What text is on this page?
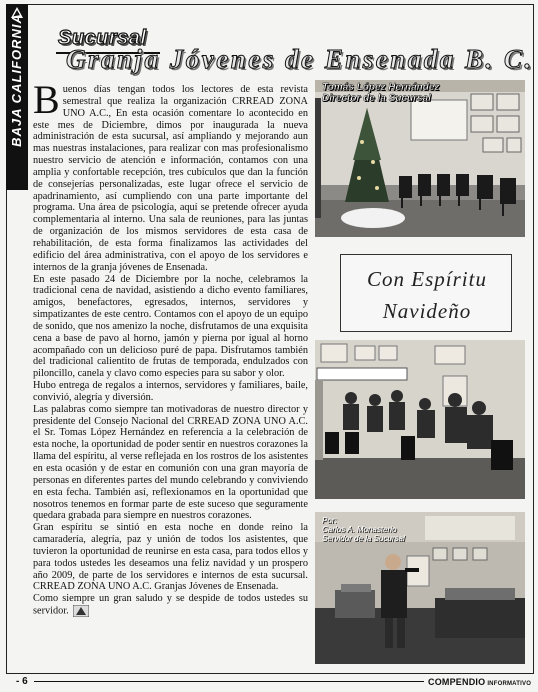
BAJA CALIFORNIA Sucursal
Granja Jóvenes de Ensenada B. C.

Buenos días tengan todos los lectores de esta revista semestral que realiza la organización CRREAD ZONA UNO A.C., En esta ocasión comentare lo acontecido en este mes de Diciembre, dimos por inaugurada la nueva administración de esta sucursal, así ampliando y mejorando aun mas nuestras instalaciones, para realizar con mas profesionalismo nuestro servicio de atención e información, contamos con una amplia y confortable recepción, tres cubículos que dan la función de consejerías personalizadas, este lugar ofrece el servicio de apadrinamiento, así cumpliendo con una parte importante del programa. Una área de psicología, aquí se pretende ofrecer ayuda complementaria al interno. Una sala de reuniones, para las juntas de organización de los mismos servidores de esta casa de rehabilitación, de esta forma finalizamos las actividades del edificio del área administrativa, con el apoyo de los servidores e internos de la granja jóvenes de Ensenada.

En este pasado 24 de Diciembre por la noche, celebramos la tradicional cena de navidad, asistiendo a dicho evento familiares, amigos, benefactores, egresados, internos, servidores y simpatizantes de este centro. Contamos con el apoyo de un equipo de sonido, que nos amenizo la noche, disfrutamos de una exquisita cena a base de pavo al horno, jamón y pierna por igual al horno acompañado con un delicioso puré de papa. Disfrutamos también del tradicional calientito de frutas de temporada, endulzados con piloncillo, canela y clavo como especies para su sabor y olor.

Hubo entrega de regalos a internos, servidores y familiares, baile, convivió, alegría y diversión.

Las palabras como siempre tan motivadoras de nuestro director y presidente del Consejo Nacional del CRREAD ZONA UNO A.C. el Sr. Tomas López Hernández en referencia a la celebración de esta noche, la oportunidad de poder sentir en nuestros corazones la llama del espíritu, al verse reflejada en los rostros de los asistentes en esta ocasión y de estar en comunión con una gran mayoría de personas en diferentes partes del mundo celebrando y conviviendo en esta fecha. También así, reflexionamos en la oportunidad que nosotros tenemos en formar parte de este suceso que seguramente quedara grabada para siempre en nuestros corazones.

Gran espíritu se sintió en esta noche en donde reino la camaradería, alegría, paz y unión de todos los asistentes, que tuvieron la oportunidad de reunirse en esta casa, para todos ellos y para todos ustedes les deseamos una feliz navidad y un prospero año 2009, de parte de los servidores e internos de esta sucursal. CRREAD ZONA UNO A.C. Granjas Jóvenes de Ensenada.

Como siempre un gran saludo y se despide de todos ustedes su servidor.

Tomás López Hernández
Director de la Sucursal
Con Espíritu
Navideño
Por:
Carlos A. Monasterio
Servidor de la Sucursal
- 6	COMPENDIO INFORMATIVO
